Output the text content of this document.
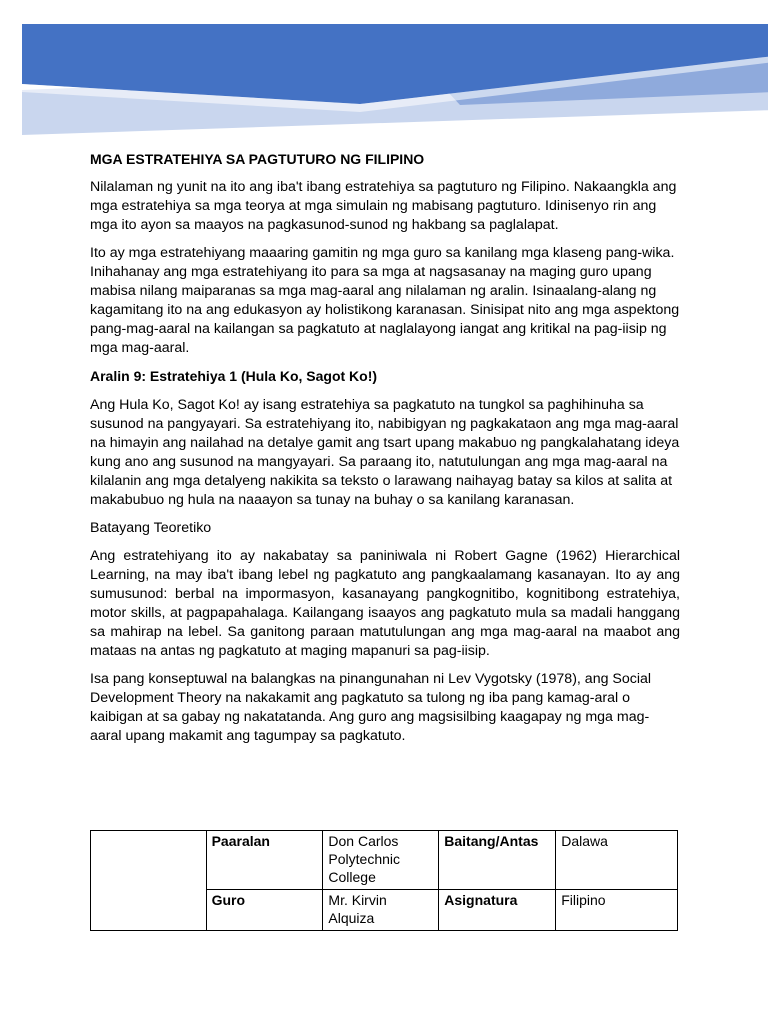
MGA ESTRATEHIYA SA PAGTUTURO NG FILIPINO

Nilalaman ng yunit na ito ang iba't ibang estratehiya sa pagtuturo ng Filipino. Nakaangkla ang mga estratehiya sa mga teorya at mga simulain ng mabisang pagtuturo. Idinisenyo rin ang mga ito ayon sa maayos na pagkasunod-sunod ng hakbang sa paglalapat.

Ito ay mga estratehiyang maaaring gamitin ng mga guro sa kanilang mga klaseng pang-wika. Inihahanay ang mga estratehiyang ito para sa mga at nagsasanay na maging guro upang mabisa nilang maiparanas sa mga mag-aaral ang nilalaman ng aralin. Isinaalang-alang ng kagamitang ito na ang edukasyon ay holistikong karanasan. Sinisipat nito ang mga aspektong pang-mag-aaral na kailangan sa pagkatuto at naglalayong iangat ang kritikal na pag-iisip ng mga mag-aaral.

Aralin 9: Estratehiya 1 (Hula Ko, Sagot Ko!)

Ang Hula Ko, Sagot Ko! ay isang estratehiya sa pagkatuto na tungkol sa paghihinuha sa susunod na pangyayari. Sa estratehiyang ito, nabibigyan ng pagkakataon ang mga mag-aaral na himayin ang nailahad na detalye gamit ang tsart upang makabuo ng pangkalahatang ideya kung ano ang susunod na mangyayari. Sa paraang ito, natutulungan ang mga mag-aaral na kilalanin ang mga detalyeng nakikita sa teksto o larawang naihayag batay sa kilos at salita at makabubuo ng hula na naaayon sa tunay na buhay o sa kanilang karanasan.

Batayang Teoretiko

Ang estratehiyang ito ay nakabatay sa paniniwala ni Robert Gagne (1962) Hierarchical Learning, na may iba't ibang lebel ng pagkatuto ang pangkaalamang kasanayan. Ito ay ang sumusunod: berbal na impormasyon, kasanayang pangkognitibo, kognitibong estratehiya, motor skills, at pagpapahalaga. Kailangang isaayos ang pagkatuto mula sa madali hanggang sa mahirap na lebel. Sa ganitong paraan matutulungan ang mga mag-aaral na maabot ang mataas na antas ng pagkatuto at maging mapanuri sa pag-iisip.

Isa pang konseptuwal na balangkas na pinangunahan ni Lev Vygotsky (1978), ang Social Development Theory na nakakamit ang pagkatuto sa tulong ng iba pang kamag-aral o kaibigan at sa gabay ng nakatatanda. Ang guro ang magsisilbing kaagapay ng mga mag-aaral upang makamit ang tagumpay sa pagkatuto.

	Paaralan	Don Carlos Polytechnic College	Baitang/Antas	Dalawa
	Guro	Mr. Kirvin Alquiza	Asignatura	Filipino
